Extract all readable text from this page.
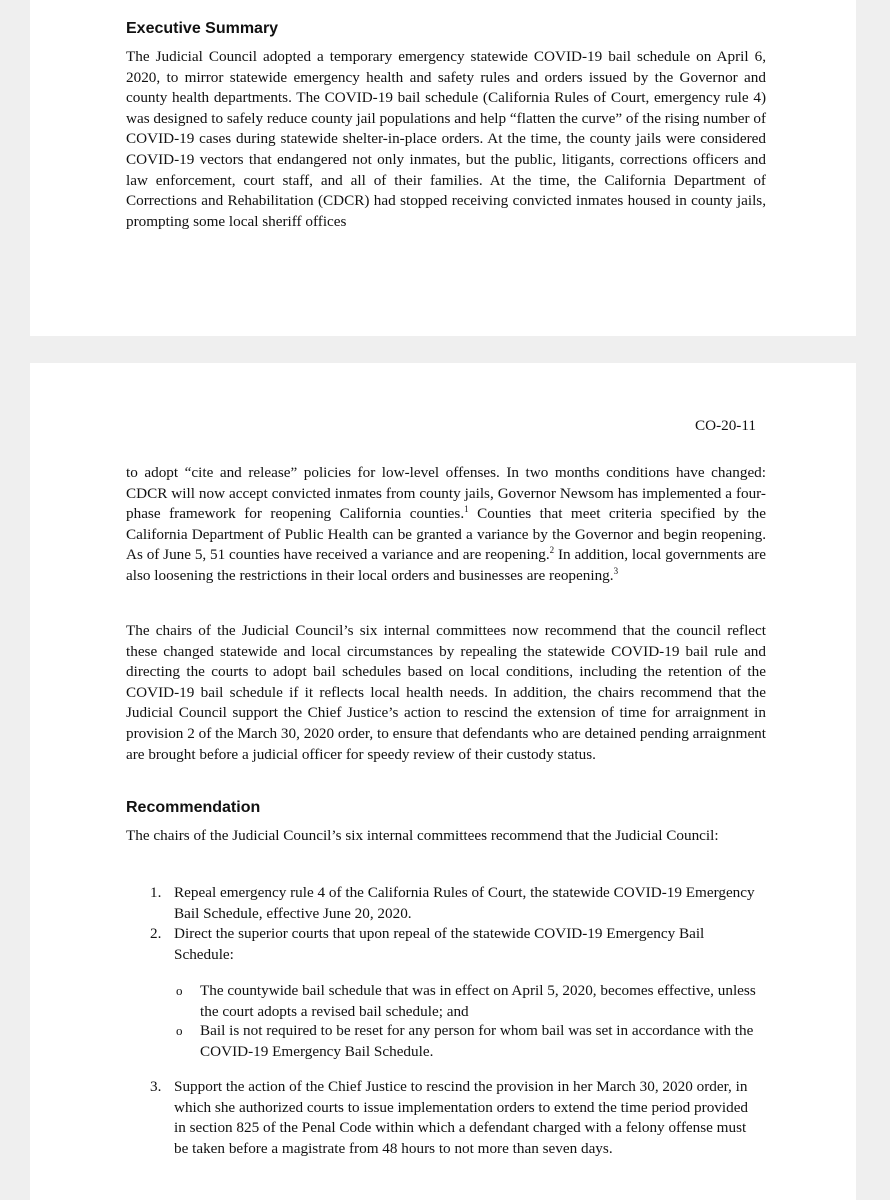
Executive Summary

The Judicial Council adopted a temporary emergency statewide COVID-19 bail schedule on April 6, 2020, to mirror statewide emergency health and safety rules and orders issued by the Governor and county health departments. The COVID-19 bail schedule (California Rules of Court, emergency rule 4) was designed to safely reduce county jail populations and help “flatten the curve” of the rising number of COVID-19 cases during statewide shelter-in-place orders. At the time, the county jails were considered COVID-19 vectors that endangered not only inmates, but the public, litigants, corrections officers and law enforcement, court staff, and all of their families. At the time, the California Department of Corrections and Rehabilitation (CDCR) had stopped receiving convicted inmates housed in county jails, prompting some local sheriff offices

CO-20-11

to adopt “cite and release” policies for low-level offenses. In two months conditions have changed: CDCR will now accept convicted inmates from county jails, Governor Newsom has implemented a four-phase framework for reopening California counties.$^1$ Counties that meet criteria specified by the California Department of Public Health can be granted a variance by the Governor and begin reopening. As of June 5, 51 counties have received a variance and are reopening.$^2$ In addition, local governments are also loosening the restrictions in their local orders and businesses are reopening.$^3$

The chairs of the Judicial Council’s six internal committees now recommend that the council reflect these changed statewide and local circumstances by repealing the statewide COVID-19 bail rule and directing the courts to adopt bail schedules based on local conditions, including the retention of the COVID-19 bail schedule if it reflects local health needs. In addition, the chairs recommend that the Judicial Council support the Chief Justice’s action to rescind the extension of time for arraignment in provision 2 of the March 30, 2020 order, to ensure that defendants who are detained pending arraignment are brought before a judicial officer for speedy review of their custody status.

Recommendation

The chairs of the Judicial Council’s six internal committees recommend that the Judicial Council:

1. Repeal emergency rule 4 of the California Rules of Court, the statewide COVID-19 Emergency Bail Schedule, effective June 20, 2020.
2. Direct the superior courts that upon repeal of the statewide COVID-19 Emergency Bail Schedule:
o The countywide bail schedule that was in effect on April 5, 2020, becomes effective, unless the court adopts a revised bail schedule; and
o Bail is not required to be reset for any person for whom bail was set in accordance with the COVID-19 Emergency Bail Schedule.
3. Support the action of the Chief Justice to rescind the provision in her March 30, 2020 order, in which she authorized courts to issue implementation orders to extend the time period provided in section 825 of the Penal Code within which a defendant charged with a felony offense must be taken before a magistrate from 48 hours to not more than seven days.
